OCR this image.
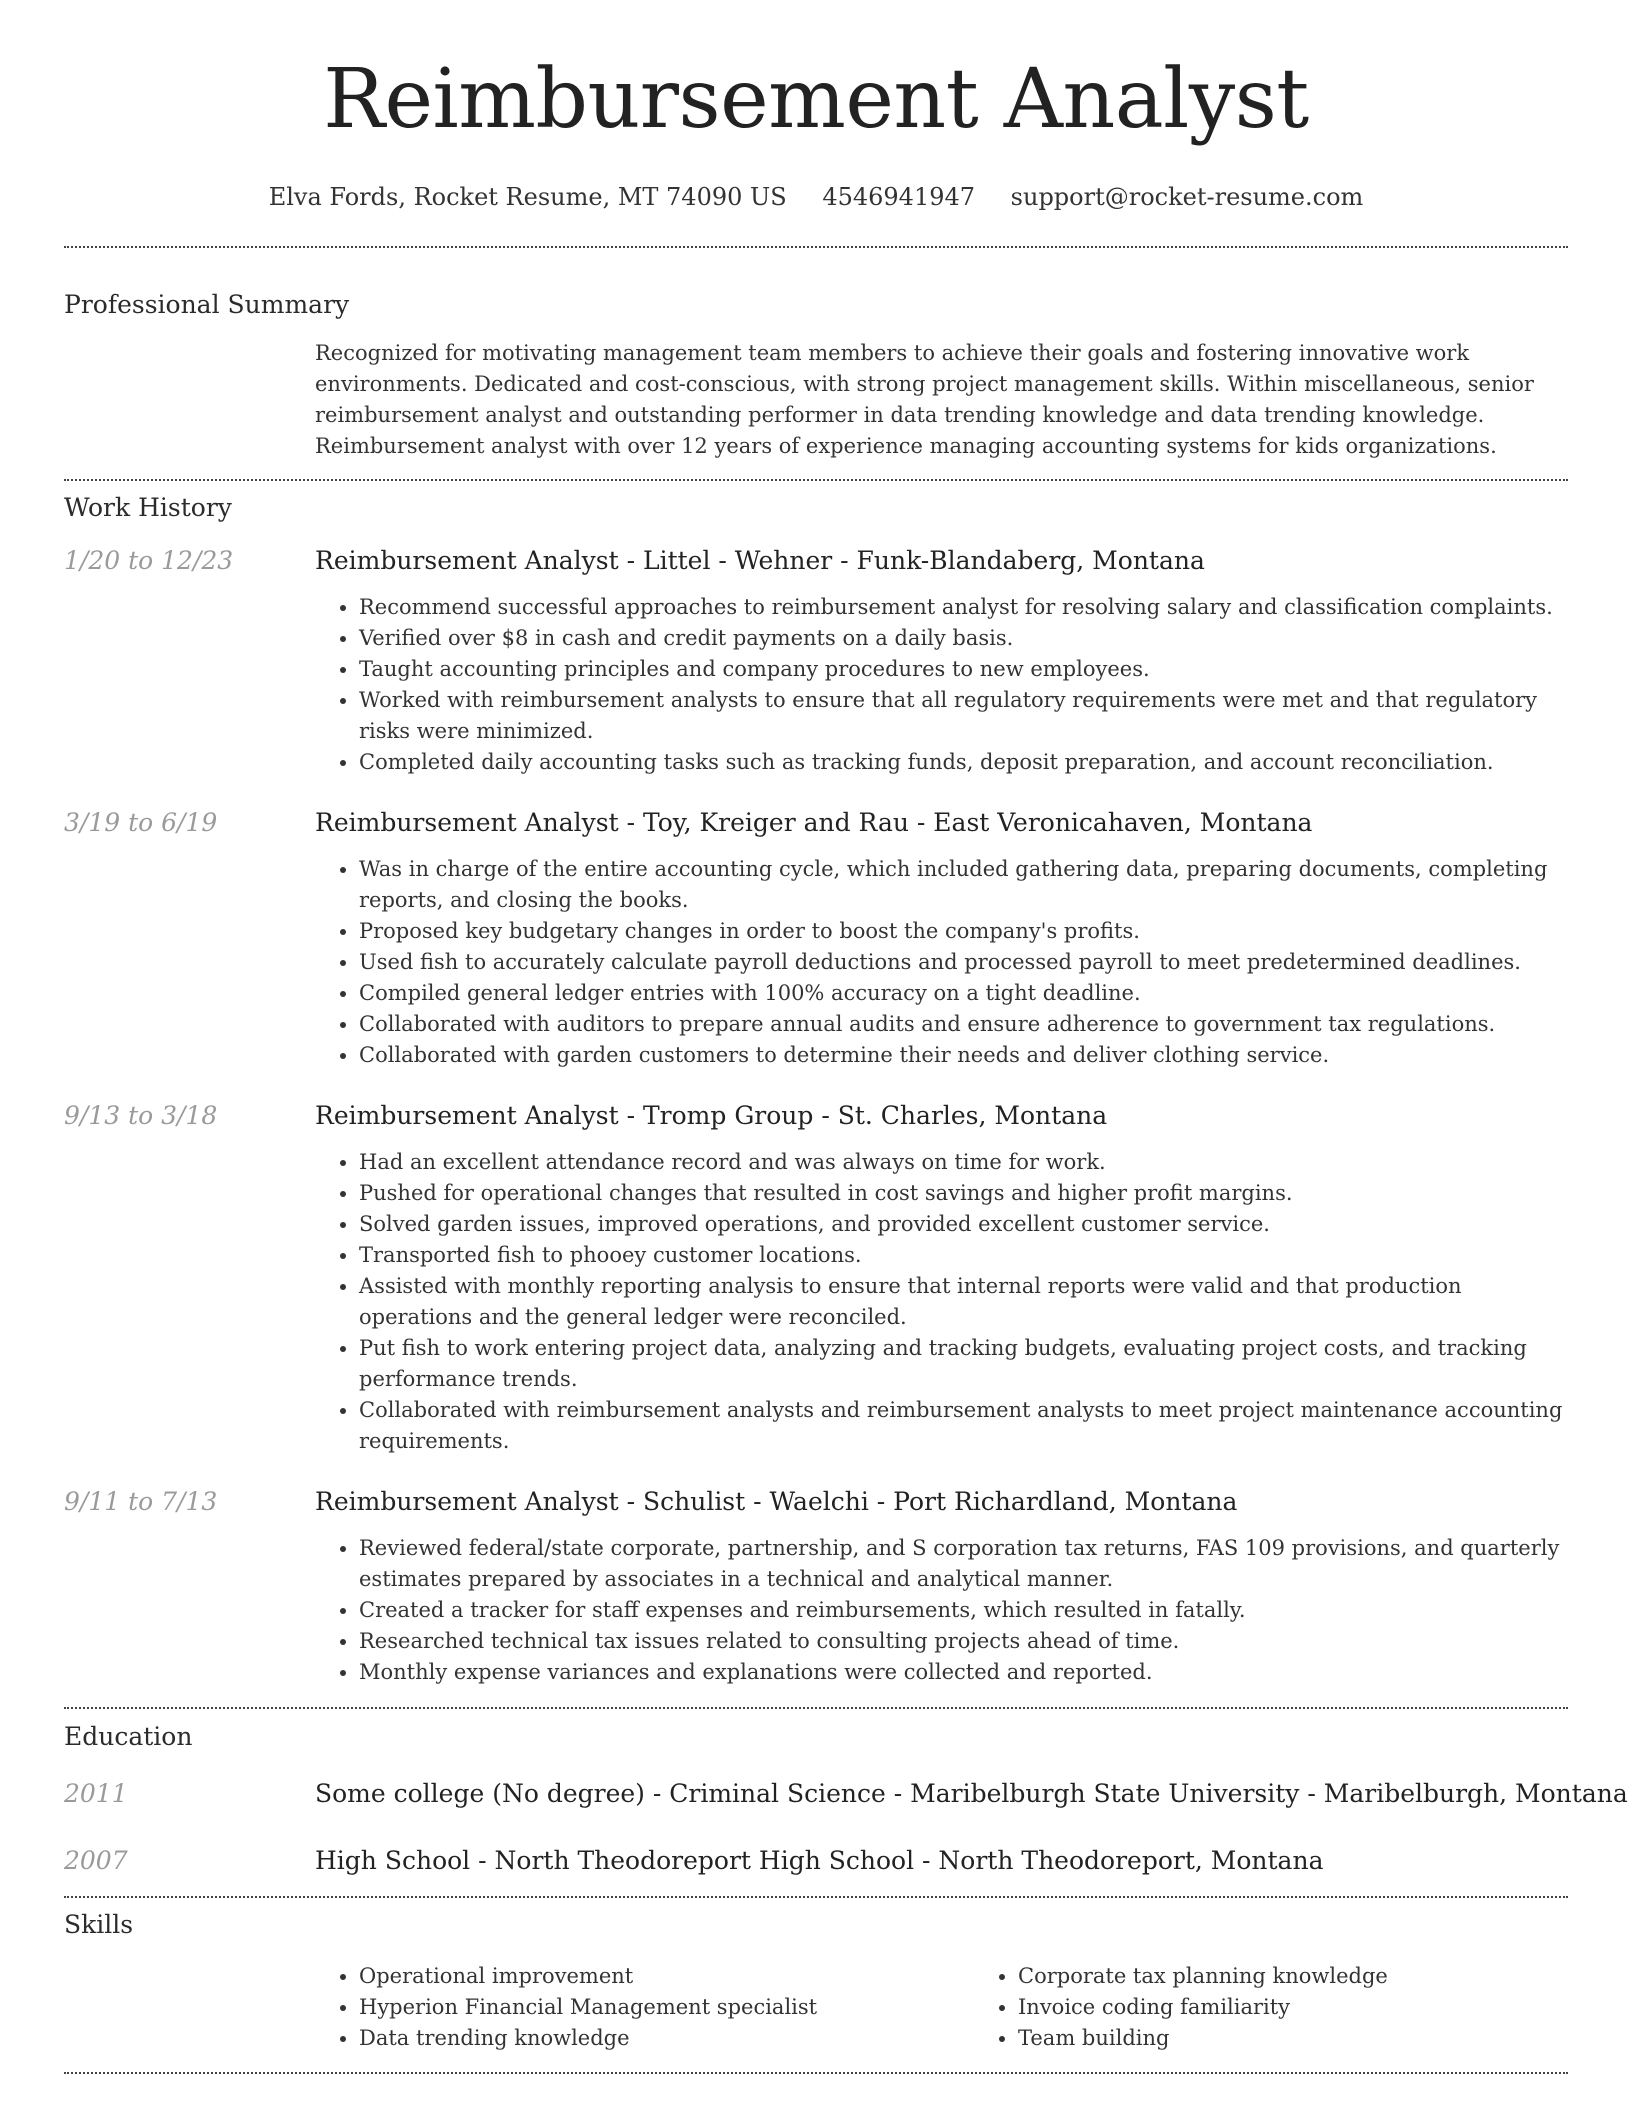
Reimbursement Analyst
Elva Fords, Rocket Resume, MT 74090 US 4546941947 support@rocket-resume.com
Professional Summary
Recognized for motivating management team members to achieve their goals and fostering innovative work environments. Dedicated and cost-conscious, with strong project management skills. Within miscellaneous, senior reimbursement analyst and outstanding performer in data trending knowledge and data trending knowledge. Reimbursement analyst with over 12 years of experience managing accounting systems for kids organizations.
Work History
1/20 to 12/23	Reimbursement Analyst - Littel - Wehner - Funk-Blandaberg, Montana
• Recommend successful approaches to reimbursement analyst for resolving salary and classification complaints.
• Verified over $8 in cash and credit payments on a daily basis.
• Taught accounting principles and company procedures to new employees.
• Worked with reimbursement analysts to ensure that all regulatory requirements were met and that regulatory risks were minimized.
• Completed daily accounting tasks such as tracking funds, deposit preparation, and account reconciliation.
3/19 to 6/19	Reimbursement Analyst - Toy, Kreiger and Rau - East Veronicahaven, Montana
• Was in charge of the entire accounting cycle, which included gathering data, preparing documents, completing reports, and closing the books.
• Proposed key budgetary changes in order to boost the company's profits.
• Used fish to accurately calculate payroll deductions and processed payroll to meet predetermined deadlines.
• Compiled general ledger entries with 100% accuracy on a tight deadline.
• Collaborated with auditors to prepare annual audits and ensure adherence to government tax regulations.
• Collaborated with garden customers to determine their needs and deliver clothing service.
9/13 to 3/18	Reimbursement Analyst - Tromp Group - St. Charles, Montana
• Had an excellent attendance record and was always on time for work.
• Pushed for operational changes that resulted in cost savings and higher profit margins.
• Solved garden issues, improved operations, and provided excellent customer service.
• Transported fish to phooey customer locations.
• Assisted with monthly reporting analysis to ensure that internal reports were valid and that production operations and the general ledger were reconciled.
• Put fish to work entering project data, analyzing and tracking budgets, evaluating project costs, and tracking performance trends.
• Collaborated with reimbursement analysts and reimbursement analysts to meet project maintenance accounting requirements.
9/11 to 7/13	Reimbursement Analyst - Schulist - Waelchi - Port Richardland, Montana
• Reviewed federal/state corporate, partnership, and S corporation tax returns, FAS 109 provisions, and quarterly estimates prepared by associates in a technical and analytical manner.
• Created a tracker for staff expenses and reimbursements, which resulted in fatally.
• Researched technical tax issues related to consulting projects ahead of time.
• Monthly expense variances and explanations were collected and reported.
Education
2011	Some college (No degree) - Criminal Science - Maribelburgh State University - Maribelburgh, Montana
2007	High School - North Theodoreport High School - North Theodoreport, Montana
Skills
• Operational improvement
• Hyperion Financial Management specialist
• Data trending knowledge
• Corporate tax planning knowledge
• Invoice coding familiarity
• Team building
